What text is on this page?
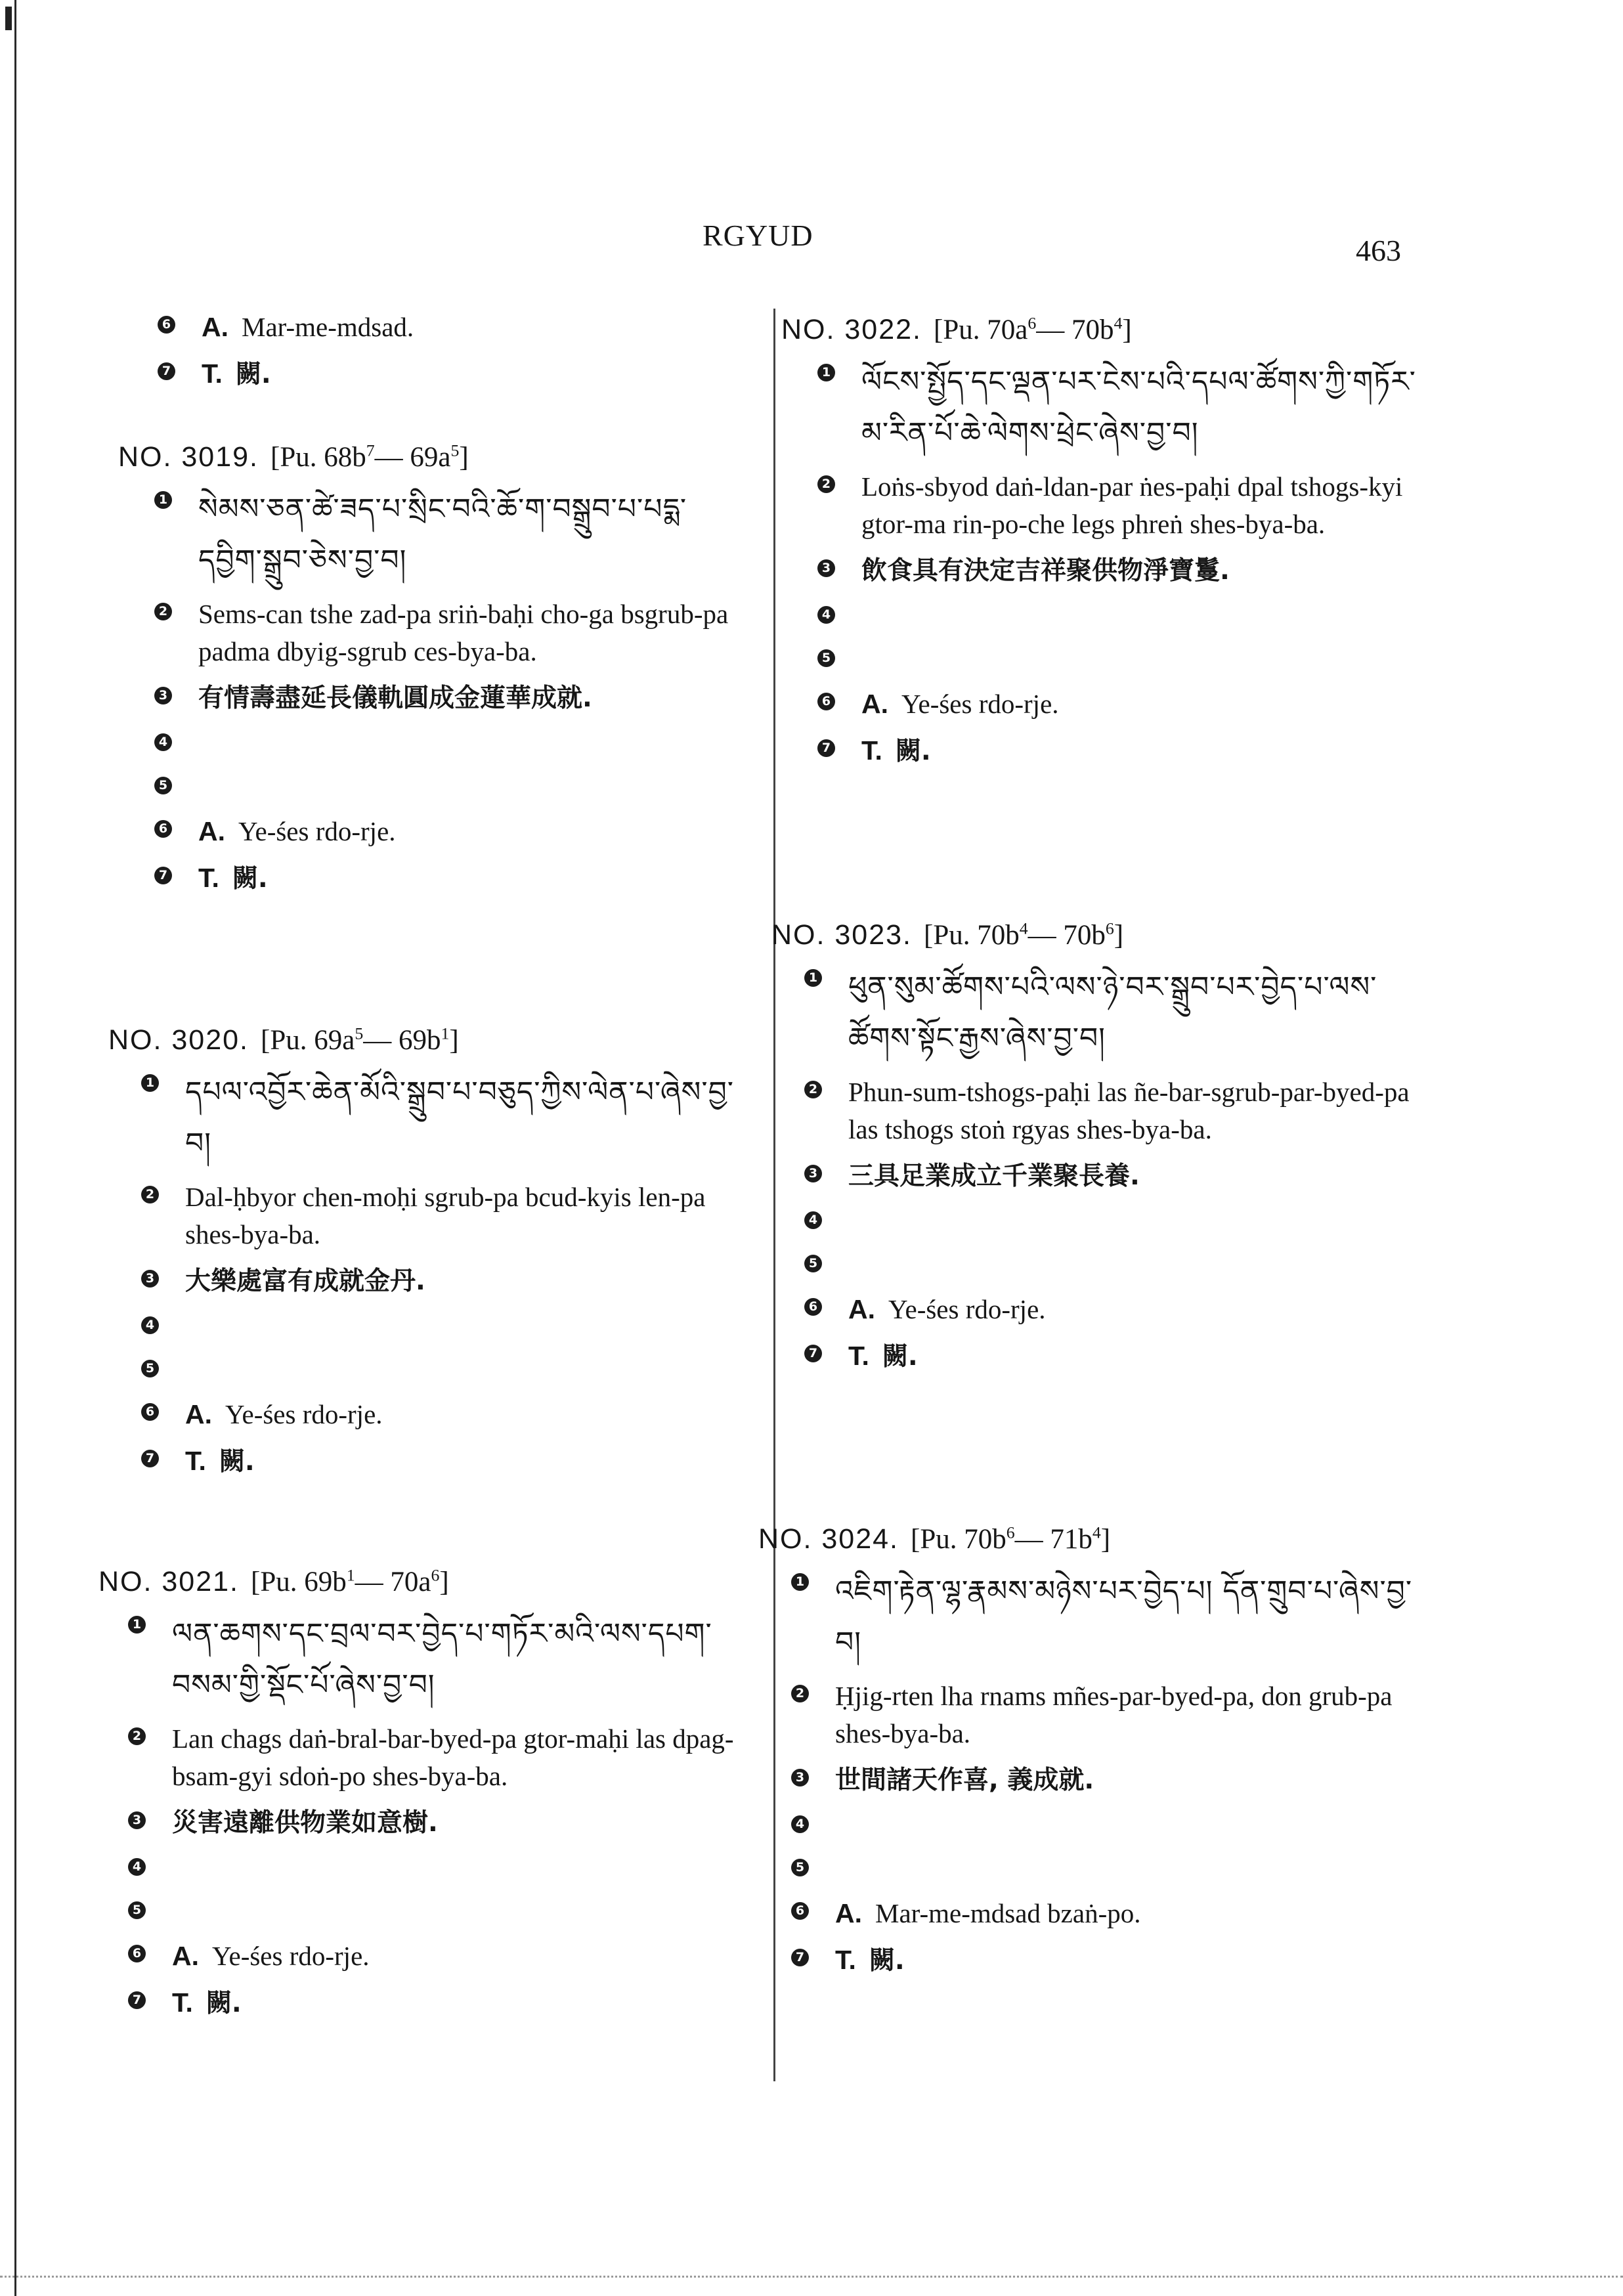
RGYUD	463
6 A. Mar-me-mdsad.
7 T. 闕.
NO. 3019. [Pu. $68b^7—$ $69a^5$]
1 སེམས་ཅན་ཚེ་ཟད་པ་སྲིང་བའི་ཆོ་ག་བསྒྲུབ་པ་པདྨ་དབྱིག་སྒྲུབ་ཅེས་བྱ་བ།
2 Sems-can tshe zad-pa sriṅ-baḥi cho-ga bsgrub-pa padma dbyig-sgrub ces-bya-ba.
3 有情壽盡延長儀軌圓成金蓮華成就.
4
5
6 A. Ye-śes rdo-rje.
7 T. 闕.
NO. 3020. [Pu. $69a^5—$ $69b^1$]
1 དཔལ་འབྱོར་ཆེན་མོའི་སྒྲུབ་པ་བཅུད་ཀྱིས་ལེན་པ་ཞེས་བྱ་བ།
2 Dal-ḥbyor chen-moḥi sgrub-pa bcud-kyis len-pa shes-bya-ba.
3 大樂處富有成就金丹.
4
5
6 A. Ye-śes rdo-rje.
7 T. 闕.
NO. 3021. [Pu. $69b^1—$ $70a^6$]
1 ལན་ཆགས་དང་བྲལ་བར་བྱེད་པ་གཏོར་མའི་ལས་དཔག་བསམ་གྱི་སྡོང་པོ་ཞེས་བྱ་བ།
2 Lan chags daṅ-bral-bar-byed-pa gtor-maḥi las dpag-bsam-gyi sdoṅ-po shes-bya-ba.
3 災害遠離供物業如意樹.
4
5
6 A. Ye-śes rdo-rje.
7 T. 闕.
NO. 3022. [Pu. $70a^6—$ $70b^4$]
1 ལོངས་སྤྱོད་དང་ལྡན་པར་ངེས་པའི་དཔལ་ཚོགས་ཀྱི་གཏོར་མ་རིན་པོ་ཆེ་ལེགས་ཕྲེང་ཞེས་བྱ་བ།
2 Loṅs-sbyod daṅ-ldan-par ṅes-paḥi dpal tshogs-kyi gtor-ma rin-po-che legs phreṅ shes-bya-ba.
3 飲食具有決定吉祥聚供物淨寶鬘.
4
5
6 A. Ye-śes rdo-rje.
7 T. 闕.
NO. 3023. [Pu. $70b^4—$ $70b^6$]
1 ཕུན་སུམ་ཚོགས་པའི་ལས་ཉེ་བར་སྒྲུབ་པར་བྱེད་པ་ལས་ཚོགས་སྟོང་རྒྱས་ཞེས་བྱ་བ།
2 Phun-sum-tshogs-paḥi las ñe-bar-sgrub-par-byed-pa las tshogs stoṅ rgyas shes-bya-ba.
3 三具足業成立千業聚長養.
4
5
6 A. Ye-śes rdo-rje.
7 T. 闕.
NO. 3024. [Pu. $70b^6—$ $71b^4$]
1 འཇིག་རྟེན་ལྷ་རྣམས་མཉེས་པར་བྱེད་པ། དོན་གྲུབ་པ་ཞེས་བྱ་བ།
2 Ḥjig-rten lha rnams mñes-par-byed-pa, don grub-pa shes-bya-ba.
3 世間諸天作喜, 義成就.
4
5
6 A. Mar-me-mdsad bzaṅ-po.
7 T. 闕.
